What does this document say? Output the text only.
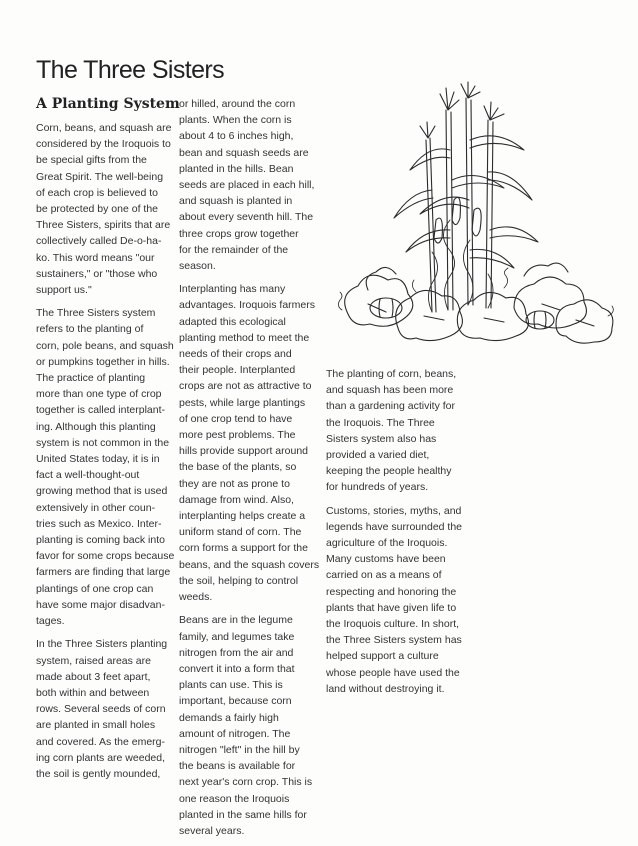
The Three Sisters
A Planting System

Corn, beans, and squash are
considered by the Iroquois to
be special gifts from the
Great Spirit. The well-being
of each crop is believed to
be protected by one of the
Three Sisters, spirits that are
collectively called De-o-ha-
ko. This word means "our
sustainers," or "those who
support us."

The Three Sisters system
refers to the planting of
corn, pole beans, and squash
or pumpkins together in hills.
The practice of planting
more than one type of crop
together is called interplant-
ing. Although this planting
system is not common in the
United States today, it is in
fact a well-thought-out
growing method that is used
extensively in other coun-
tries such as Mexico. Inter-
planting is coming back into
favor for some crops because
farmers are finding that large
plantings of one crop can
have some major disadvan-
tages.

In the Three Sisters planting
system, raised areas are
made about 3 feet apart,
both within and between
rows. Several seeds of corn
are planted in small holes
and covered. As the emerg-
ing corn plants are weeded,
the soil is gently mounded,

or hilled, around the corn
plants. When the corn is
about 4 to 6 inches high,
bean and squash seeds are
planted in the hills. Bean
seeds are placed in each hill,
and squash is planted in
about every seventh hill. The
three crops grow together
for the remainder of the
season.

Interplanting has many
advantages. Iroquois farmers
adapted this ecological
planting method to meet the
needs of their crops and
their people. Interplanted
crops are not as attractive to
pests, while large plantings
of one crop tend to have
more pest problems. The
hills provide support around
the base of the plants, so
they are not as prone to
damage from wind. Also,
interplanting helps create a
uniform stand of corn. The
corn forms a support for the
beans, and the squash covers
the soil, helping to control
weeds.

Beans are in the legume
family, and legumes take
nitrogen from the air and
convert it into a form that
plants can use. This is
important, because corn
demands a fairly high
amount of nitrogen. The
nitrogen "left" in the hill by
the beans is available for
next year's corn crop. This is
one reason the Iroquois
planted in the same hills for
several years.

The planting of corn, beans,
and squash has been more
than a gardening activity for
the Iroquois. The Three
Sisters system also has
provided a varied diet,
keeping the people healthy
for hundreds of years.

Customs, stories, myths, and
legends have surrounded the
agriculture of the Iroquois.
Many customs have been
carried on as a means of
respecting and honoring the
plants that have given life to
the Iroquois culture. In short,
the Three Sisters system has
helped support a culture
whose people have used the
land without destroying it.
